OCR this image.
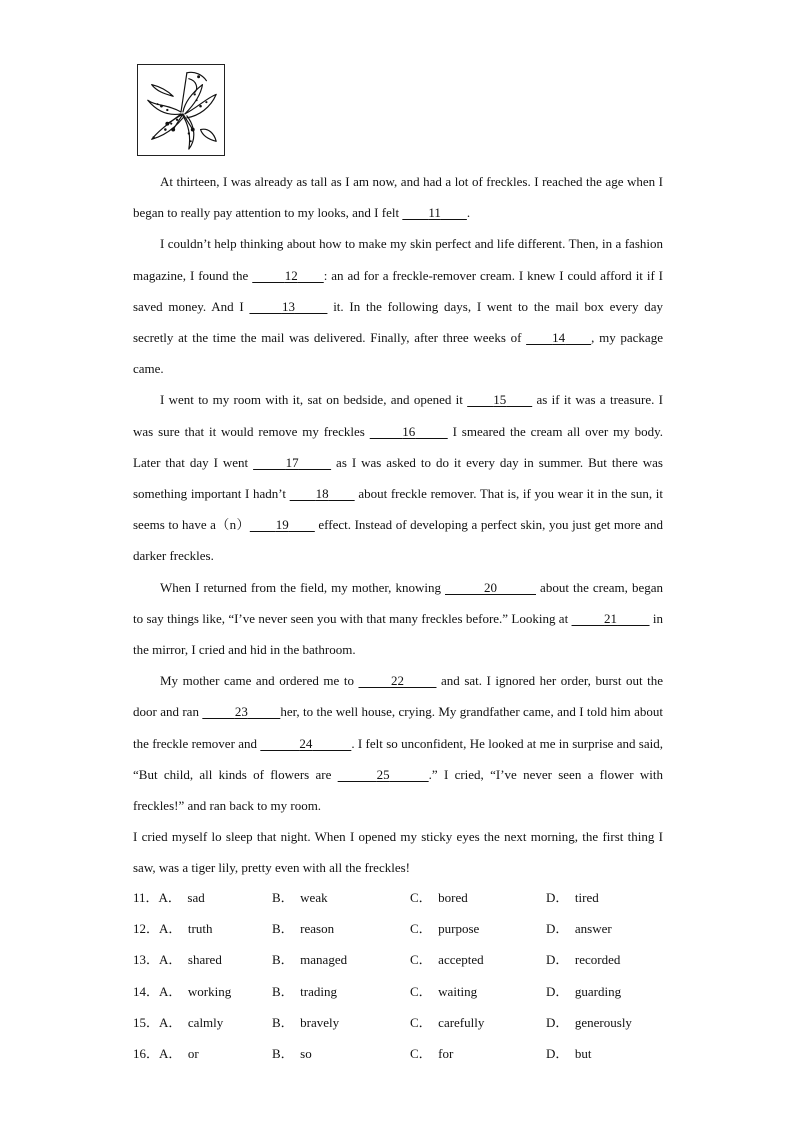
At thirteen, I was already as tall as I am now, and had a lot of freckles. I reached the age when I began to really pay attention to my looks, and I felt 11 .

I couldn’t help thinking about how to make my skin perfect and life different. Then, in a fashion magazine, I found the	12 : an ad for a freckle-remover cream. I knew I could afford it if I saved money. And I	13	it. In the following days, I went to the mail box every day secretly at the time the mail was delivered. Finally, after three weeks of 14 , my package came.

I went to my room with it, sat on bedside, and opened it 15 as if it was a treasure. I was sure that it would remove my freckles	16	I smeared the cream all over my body. Later that day I went	17	as I was asked to do it every day in summer. But there was something important I hadn’t 18 about freckle remover. That is, if you wear it in the sun, it seems to have a（n） 19 effect. Instead of developing a perfect skin, you just get more and darker freckles.

When I returned from the field, my mother, knowing	20	about the cream, began to say things like, “I’ve never seen you with that many freckles before.” Looking at	21	in the mirror, I cried and hid in the bathroom.

My mother came and ordered me to	22	and sat. I ignored her order, burst out the door and ran	23	her, to the well house, crying. My grandfather came, and I told him about the freckle remover and	24	. I felt so unconfident, He looked at me in surprise and said, “But child, all kinds of flowers are	25	.” I cried, “I’ve never seen a flower with freckles!” and ran back to my room.

I cried myself lo sleep that night. When I opened my sticky eyes the next morning, the first thing I saw, was a tiger lily, pretty even with all the freckles!

11．A．  sad	B．  weak	C．  bored	D．  tired
12．A．  truth	B．  reason	C．  purpose	D．  answer
13．A．  shared	B．  managed	C．  accepted	D．  recorded
14．A．  working	B．  trading	C．  waiting	D．  guarding
15．A．  calmly	B．  bravely	C．  carefully	D．  generously
16．A．  or	B．  so	C．  for	D．  but
